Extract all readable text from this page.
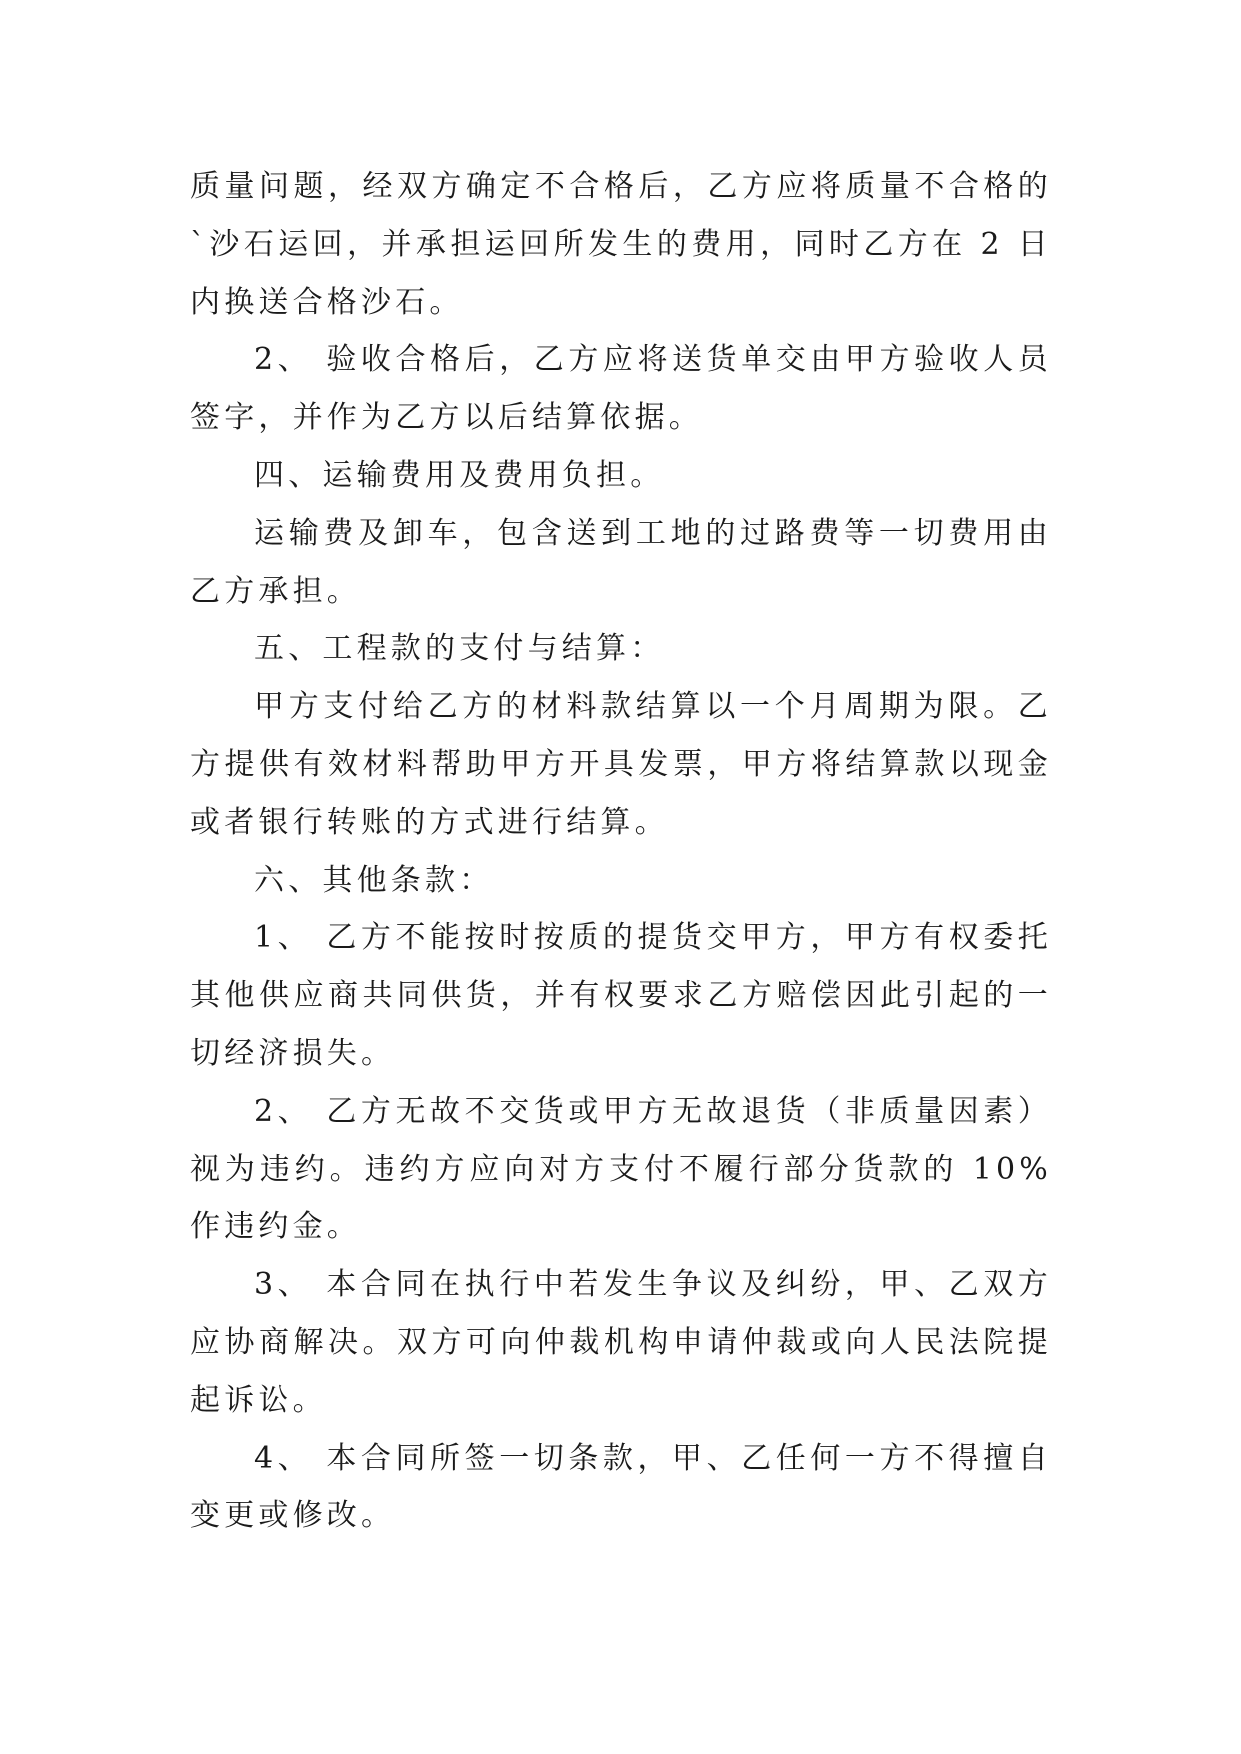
质量问题，经双方确定不合格后，乙方应将质量不合格的`沙石运回，并承担运回所发生的费用，同时乙方在 2 日内换送合格沙石。

2、 验收合格后，乙方应将送货单交由甲方验收人员签字，并作为乙方以后结算依据。

四、运输费用及费用负担。

运输费及卸车，包含送到工地的过路费等一切费用由乙方承担。

五、工程款的支付与结算：

甲方支付给乙方的材料款结算以一个月周期为限。乙方提供有效材料帮助甲方开具发票，甲方将结算款以现金或者银行转账的方式进行结算。

六、其他条款：

1、 乙方不能按时按质的提货交甲方，甲方有权委托其他供应商共同供货，并有权要求乙方赔偿因此引起的一切经济损失。

2、 乙方无故不交货或甲方无故退货（非质量因素）视为违约。违约方应向对方支付不履行部分货款的 10%作违约金。

3、 本合同在执行中若发生争议及纠纷，甲、乙双方应协商解决。双方可向仲裁机构申请仲裁或向人民法院提起诉讼。

4、 本合同所签一切条款，甲、乙任何一方不得擅自变更或修改。
